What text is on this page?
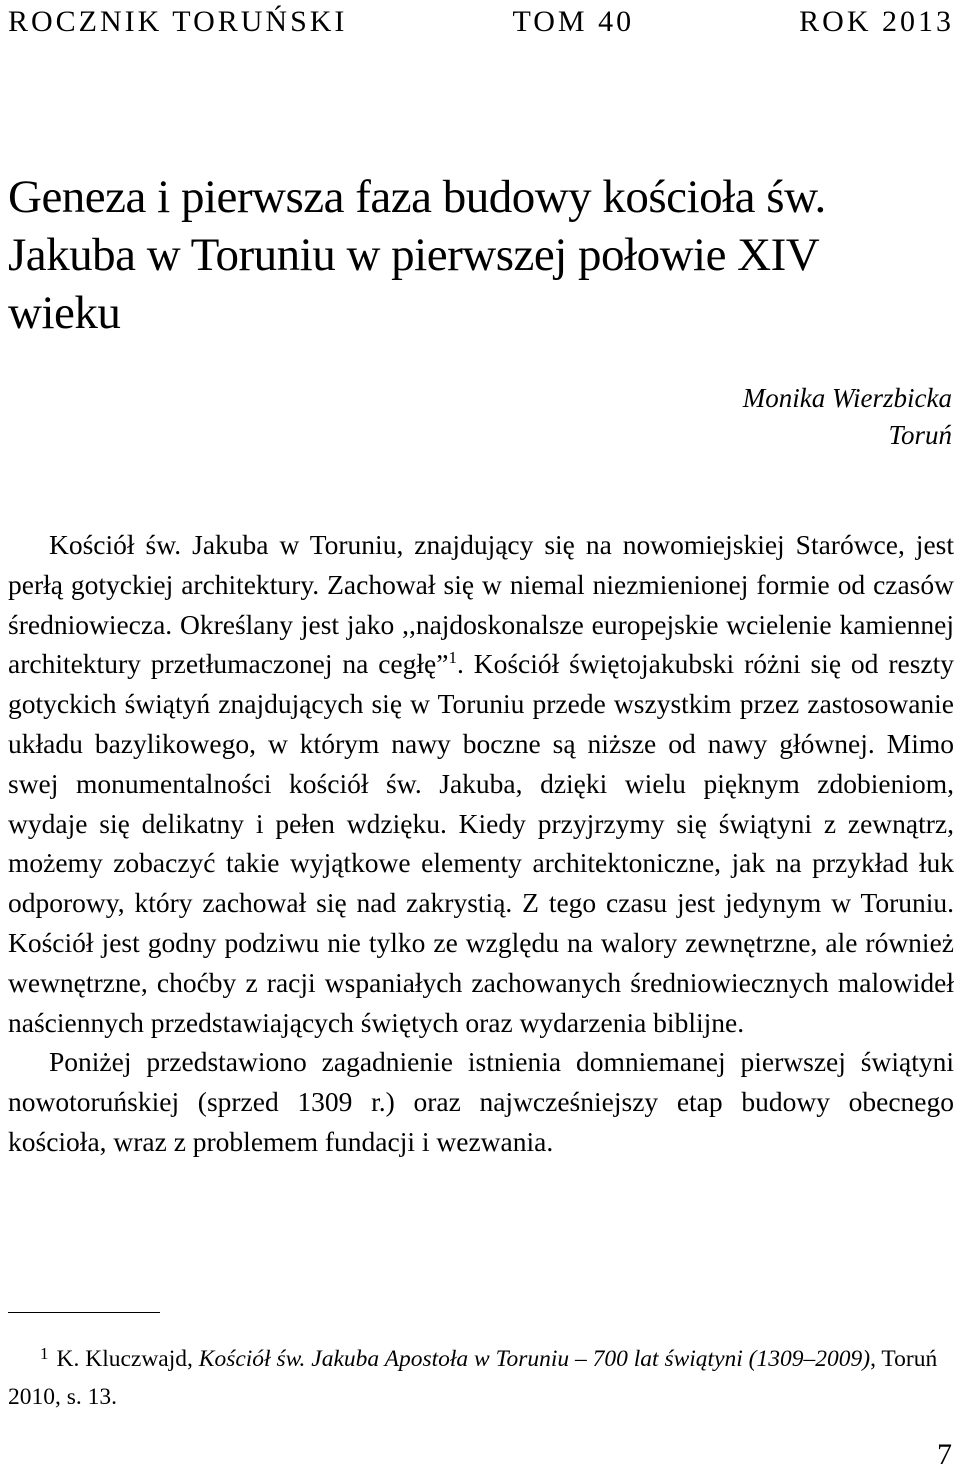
ROCZNIK TORUŃSKI	TOM 40	ROK 2013
Geneza i pierwsza faza budowy kościoła św. Jakuba w Toruniu w pierwszej połowie XIV wieku
Monika Wierzbicka
Toruń

Kościół św. Jakuba w Toruniu, znajdujący się na nowomiejskiej Starówce, jest perłą gotyckiej architektury. Zachował się w niemal niezmienionej formie od czasów średniowiecza. Określany jest jako ,,najdoskonalsze europejskie wcielenie kamiennej architektury przetłumaczonej na cegłę”$^1$. Kościół świętojakubski różni się od reszty gotyckich świątyń znajdujących się w Toruniu przede wszystkim przez zastosowanie układu bazylikowego, w którym nawy boczne są niższe od nawy głównej. Mimo swej monumentalności kościół św. Jakuba, dzięki wielu pięknym zdobieniom, wydaje się delikatny i pełen wdzięku. Kiedy przyjrzymy się świątyni z zewnątrz, możemy zobaczyć takie wyjątkowe elementy architektoniczne, jak na przykład łuk odporowy, który zachował się nad zakrystią. Z tego czasu jest jedynym w Toruniu. Kościół jest godny podziwu nie tylko ze względu na walory zewnętrzne, ale również wewnętrzne, choćby z racji wspaniałych zachowanych średniowiecznych malowideł naściennych przedstawiających świętych oraz wydarzenia biblijne.

Poniżej przedstawiono zagadnienie istnienia domniemanej pierwszej świątyni nowotoruńskiej (sprzed 1309 r.) oraz najwcześniejszy etap budowy obecnego kościoła, wraz z problemem fundacji i wezwania.

$^1$ K. Kluczwajd, Kościół św. Jakuba Apostoła w Toruniu – 700 lat świątyni (1309–2009), Toruń 2010, s. 13.
7
